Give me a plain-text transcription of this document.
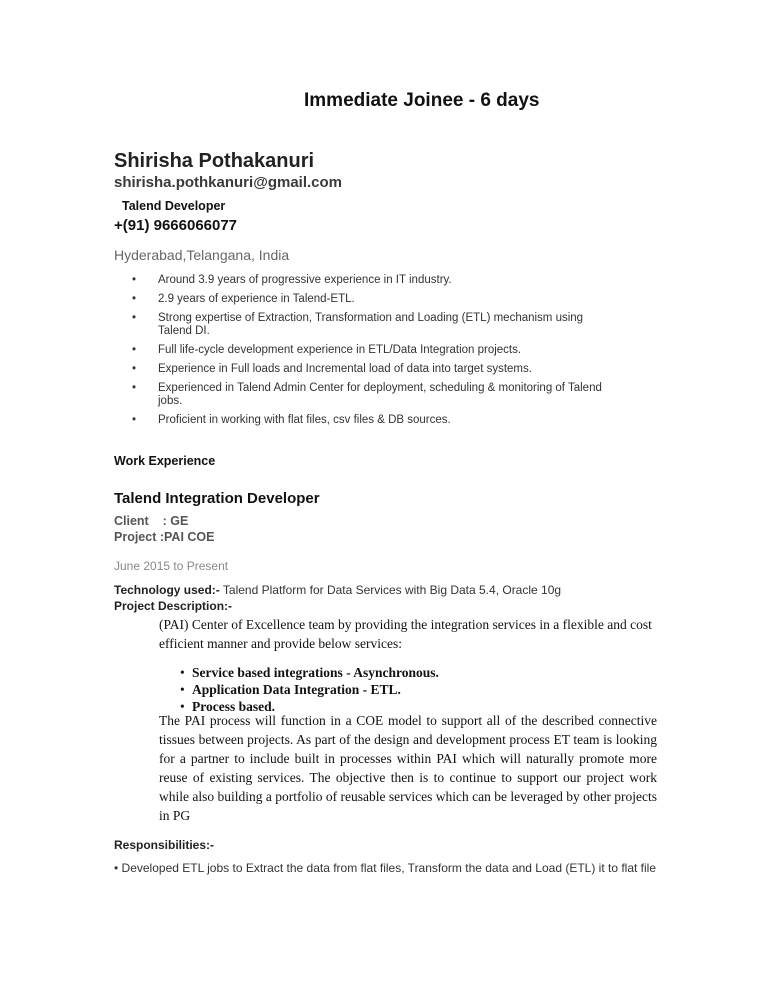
Immediate Joinee - 6 days
Shirisha Pothakanuri
shirisha.pothkanuri@gmail.com
Talend Developer
+(91) 9666066077
Hyderabad,Telangana, India
• Around 3.9 years of progressive experience in IT industry.
• 2.9 years of experience in Talend-ETL.
• Strong expertise of Extraction, Transformation and Loading (ETL) mechanism using Talend DI.
• Full life-cycle development experience in ETL/Data Integration projects.
• Experience in Full loads and Incremental load of data into target systems.
• Experienced in Talend Admin Center for deployment, scheduling & monitoring of Talend jobs.
• Proficient in working with flat files, csv files & DB sources.
Work Experience
Talend Integration Developer
Client    : GE
Project :PAI COE
June 2015 to Present
Technology used:- Talend Platform for Data Services with Big Data 5.4, Oracle 10g
Project Description:-
(PAI) Center of Excellence team by providing the integration services in a flexible and cost efficient manner and provide below services:
• Service based integrations - Asynchronous.
• Application Data Integration - ETL.
• Process based.
The PAI process will function in a COE model to support all of the described connective tissues between projects. As part of the design and development process ET team is looking for a partner to include built in processes within PAI which will naturally promote more reuse of existing services. The objective then is to continue to support our project work while also building a portfolio of reusable services which can be leveraged by other projects in PG
Responsibilities:-
• Developed ETL jobs to Extract the data from flat files, Transform the data and Load (ETL) it to flat file
